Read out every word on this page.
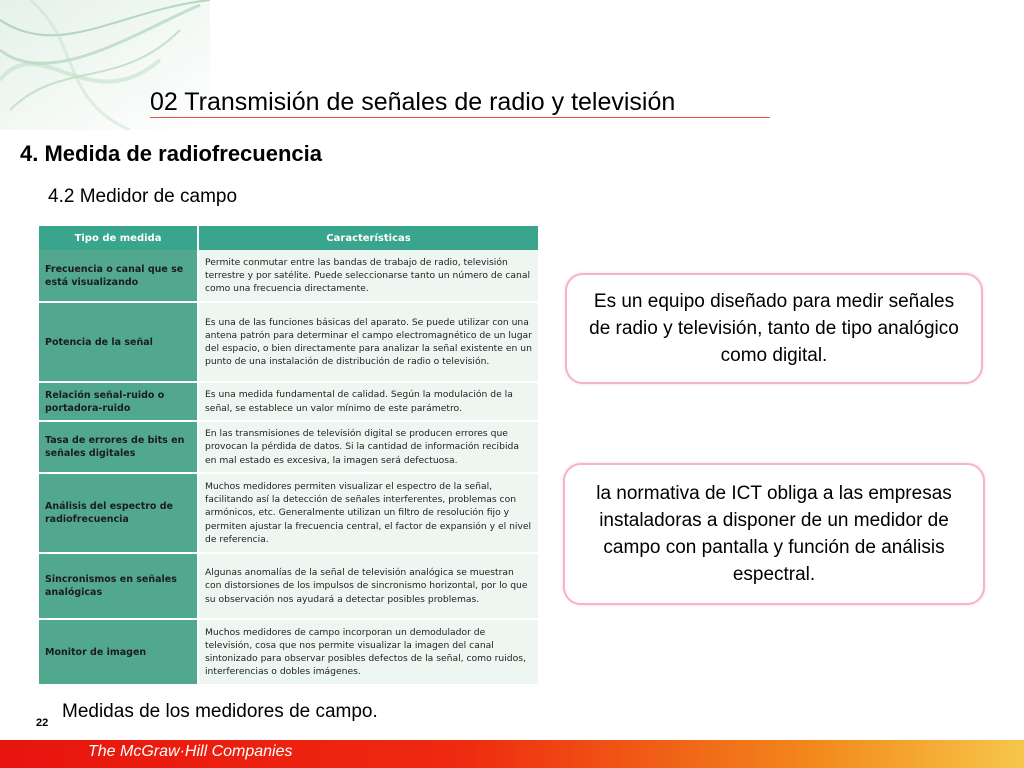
02 Transmisión de señales de radio y televisión
4. Medida de radiofrecuencia
4.2 Medidor de campo
Tipo de medida	Características
Frecuencia o canal que se está visualizando	Permite conmutar entre las bandas de trabajo de radio, televisión terrestre y por satélite. Puede seleccionarse tanto un número de canal como una frecuencia directamente.
Potencia de la señal	Es una de las funciones básicas del aparato. Se puede utilizar con una antena patrón para determinar el campo electromagnético de un lugar del espacio, o bien directamente para analizar la señal existente en un punto de una instalación de distribución de radio o televisión.
Relación señal-ruido o portadora-ruido	Es una medida fundamental de calidad. Según la modulación de la señal, se establece un valor mínimo de este parámetro.
Tasa de errores de bits en señales digitales	En las transmisiones de televisión digital se producen errores que provocan la pérdida de datos. Si la cantidad de información recibida en mal estado es excesiva, la imagen será defectuosa.
Análisis del espectro de radiofrecuencia	Muchos medidores permiten visualizar el espectro de la señal, facilitando así la detección de señales interferentes, problemas con armónicos, etc. Generalmente utilizan un filtro de resolución fijo y permiten ajustar la frecuencia central, el factor de expansión y el nivel de referencia.
Sincronismos en señales analógicas	Algunas anomalías de la señal de televisión analógica se muestran con distorsiones de los impulsos de sincronismo horizontal, por lo que su observación nos ayudará a detectar posibles problemas.
Monitor de imagen	Muchos medidores de campo incorporan un demodulador de televisión, cosa que nos permite visualizar la imagen del canal sintonizado para observar posibles defectos de la señal, como ruidos, interferencias o dobles imágenes.
22
Medidas de los medidores de campo.
Es un equipo diseñado para medir señales de radio y televisión, tanto de tipo analógico como digital.
la normativa de ICT obliga a las empresas instaladoras a disponer de un medidor de campo con pantalla y función de análisis espectral.
The McGraw·Hill Companies
